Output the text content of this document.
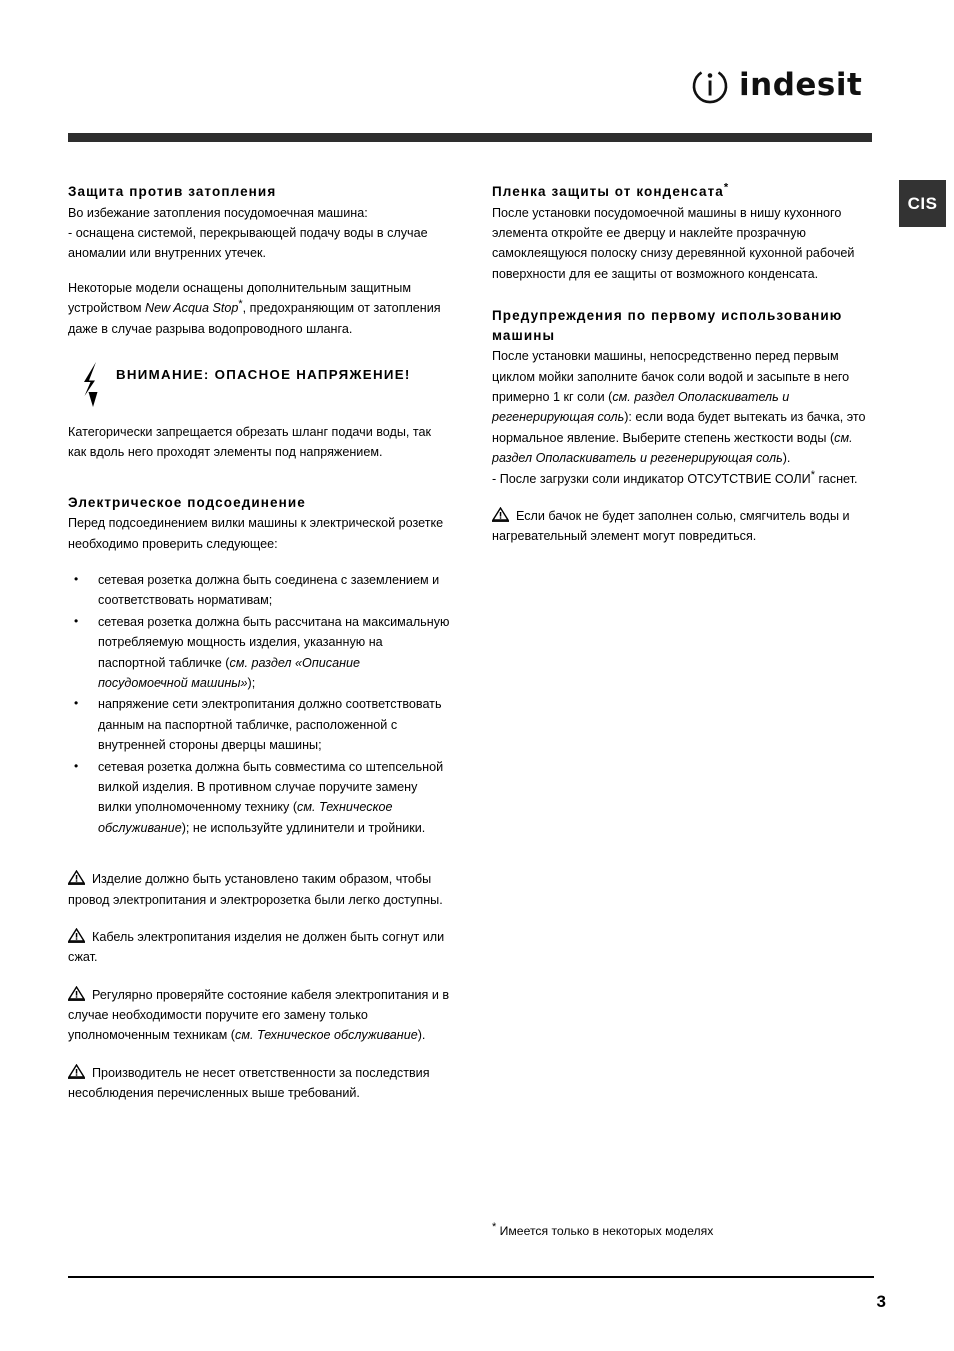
indesit
CIS
Защита против затопления

Во избежание затопления посудомоечная машина:

- оснащена системой, перекрывающей подачу воды в случае аномалии или внутренних утечек.

Некоторые модели оснащены дополнительным защитным устройством New Acqua Stop*, предохраняющим от затопления даже в случае разрыва водопроводного шланга.

ВНИМАНИЕ: ОПАСНОЕ НАПРЯЖЕНИЕ!

Категорически запрещается обрезать шланг подачи воды, так как вдоль него проходят элементы под напряжением.

Электрическое подсоединение

Перед подсоединением вилки машины к электрической розетке необходимо проверить следующее:

• сетевая розетка должна быть соединена с заземлением и соответствовать нормативам;
• сетевая розетка должна быть рассчитана на максимальную потребляемую мощность изделия, указанную на паспортной табличке (см. раздел «Описание посудомоечной машины»);
• напряжение сети электропитания должно соответствовать данным на паспортной табличке, расположенной с внутренней стороны дверцы машины;
• сетевая розетка должна быть совместима со штепсельной вилкой изделия. В противном случае поручите замену вилки уполномоченному технику (см. Техническое обслуживание); не используйте удлинители и тройники.

Изделие должно быть установлено таким образом, чтобы провод электропитания и электророзетка были легко доступны.

Кабель электропитания изделия не должен быть согнут или сжат.

Регулярно проверяйте состояние кабеля электропитания и в случае необходимости поручите его замену только уполномоченным техникам (см. Техническое обслуживание).

Производитель не несет ответственности за последствия несоблюдения перечисленных выше требований.

Пленка защиты от конденсата*

После установки посудомоечной машины в нишу кухонного элемента откройте ее дверцу и наклейте прозрачную самоклеящуюся полоску снизу деревянной кухонной рабочей поверхности для ее защиты от возможного конденсата.

Предупреждения по первому использованию машины

После установки машины, непосредственно перед первым циклом мойки заполните бачок соли водой и засыпьте в него примерно 1 кг соли (см. раздел Ополаскиватель и регенерирующая соль): если вода будет вытекать из бачка, это нормальное явление. Выберите степень жесткости воды (см. раздел Ополаскиватель и регенерирующая соль).

- После загрузки соли индикатор ОТСУТСТВИЕ СОЛИ* гаснет.

Если бачок не будет заполнен солью, смягчитель воды и нагревательный элемент могут повредиться.

* Имеется только в некоторых моделях
3
